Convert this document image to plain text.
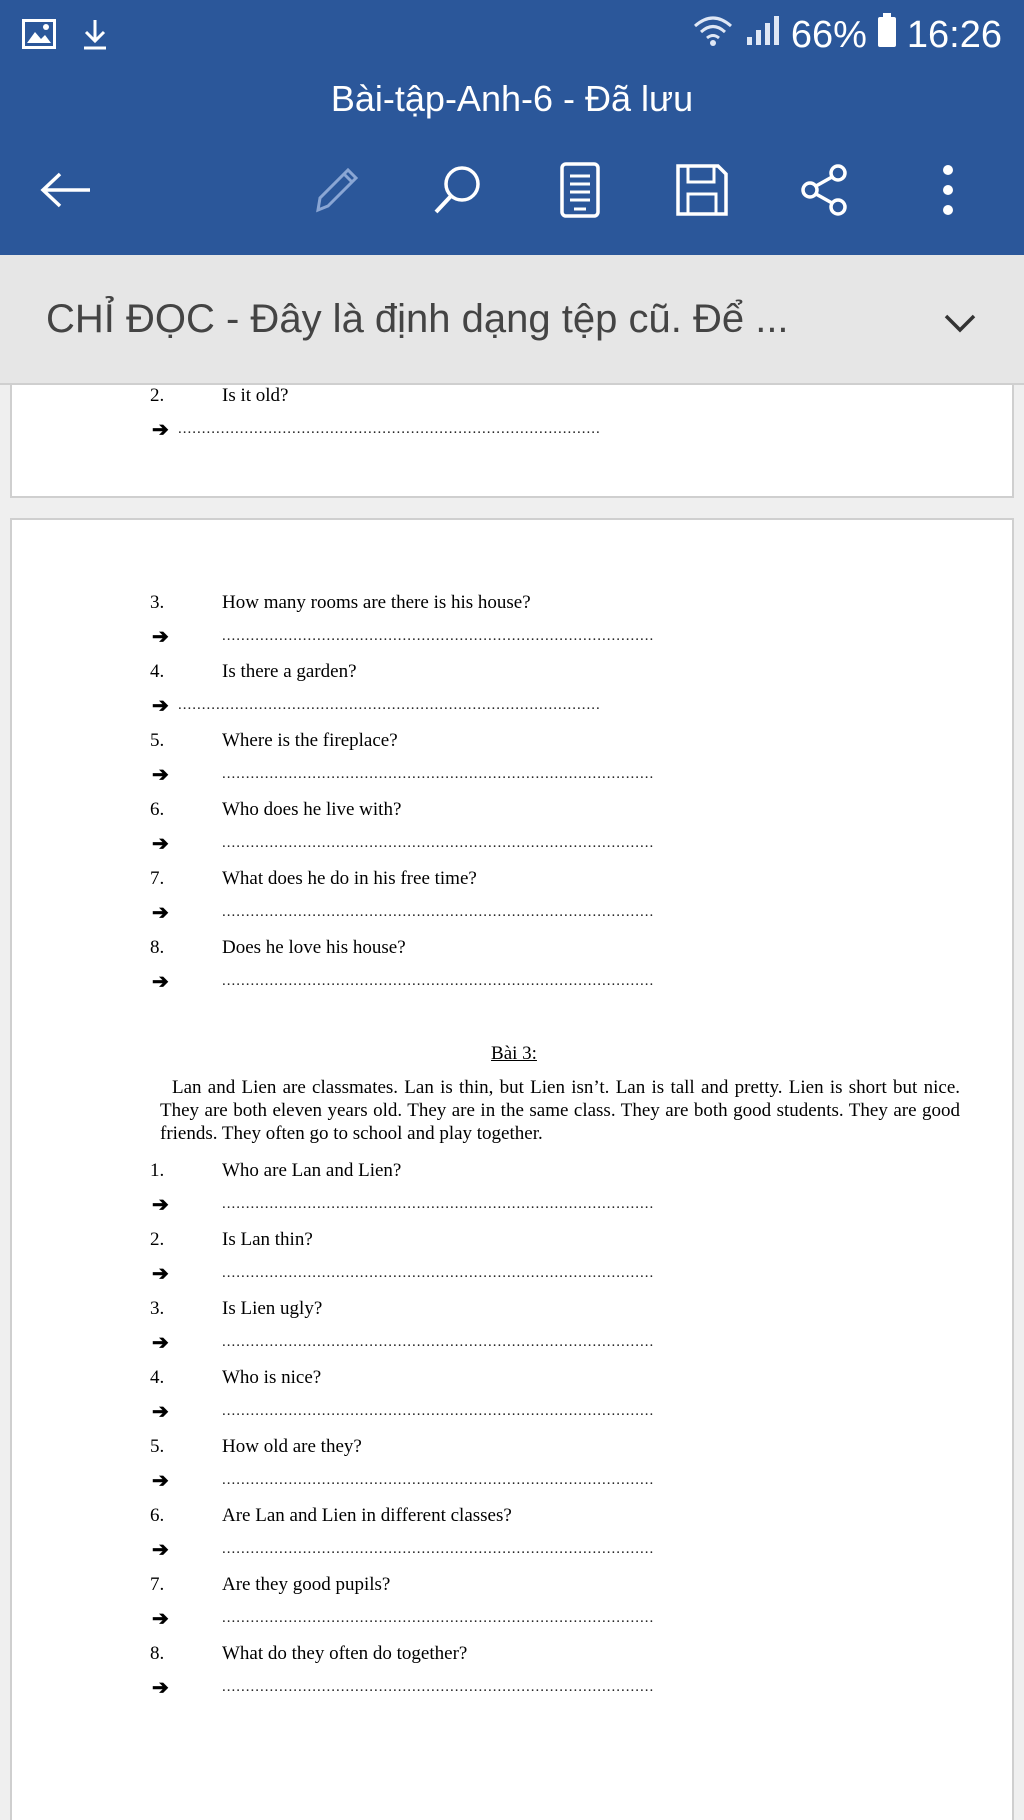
66% 16:26
Bài-tập-Anh-6 - Đã lưu
CHỈ ĐỌC - Đây là định dạng tệp cũ. Để ...
2.	Is it old?
➔ .........................................................................................
3.	How many rooms are there is his house?
➔	...........................................................................................
4.	Is there a garden?
➔ .........................................................................................
5.	Where is the fireplace?
➔	...........................................................................................
6.	Who does he live with?
➔	...........................................................................................
7.	What does he do in his free time?
➔	...........................................................................................
8.	Does he love his house?
➔	...........................................................................................
Bài 3:
Lan and Lien are classmates. Lan is thin, but Lien isn’t. Lan is tall and pretty. Lien is short but nice. They are both eleven years old. They are in the same class. They are both good students. They are good friends. They often go to school and play together.
1.	Who are Lan and Lien?
➔	...........................................................................................
2.	Is Lan thin?
➔	...........................................................................................
3.	Is Lien ugly?
➔	...........................................................................................
4.	Who is nice?
➔	...........................................................................................
5.	How old are they?
➔	...........................................................................................
6.	Are Lan and Lien in different classes?
➔	...........................................................................................
7.	Are they good pupils?
➔	...........................................................................................
8.	What do they often do together?
➔	...........................................................................................
